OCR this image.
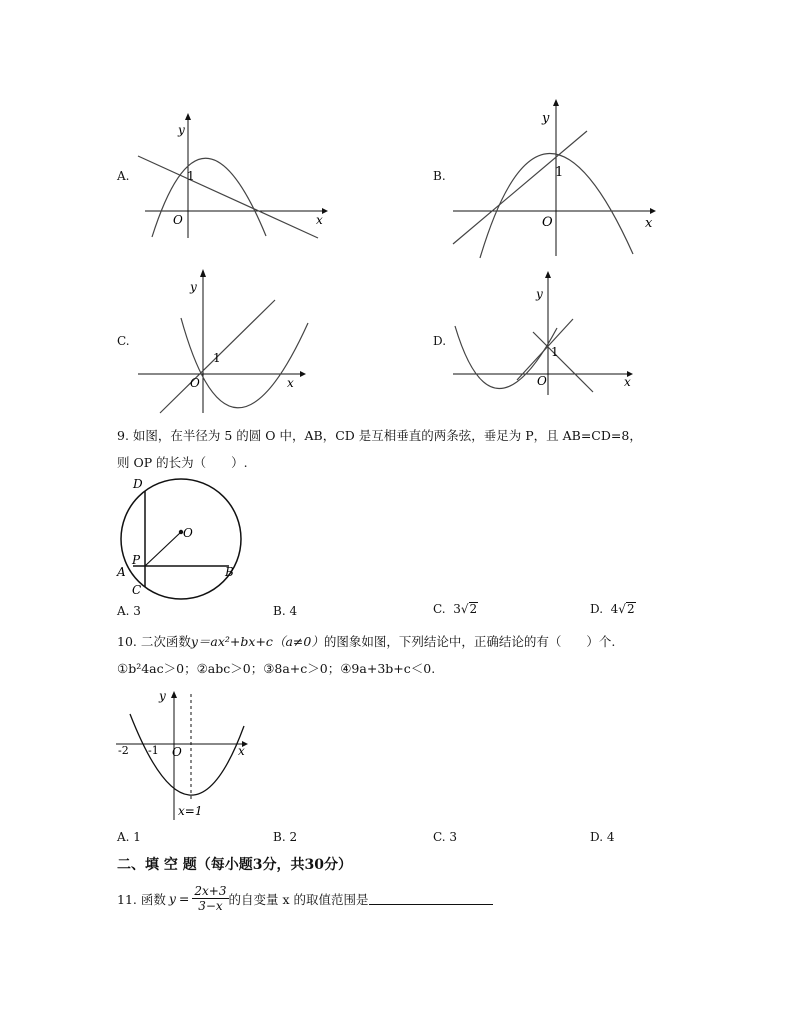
A.
y
x
O
1	B.
y
x
O
1
C.
y
x
O
1
D.
y
x
O
1
9. 如图，在半径为 5 的圆 O 中，AB，CD 是互相垂直的两条弦，垂足为 P，且 AB=CD=8，
则 OP 的长为（　　）.
D
O
P
A	B
C
A. 3	B. 4	C. 3√2	D. 4√2
10. 二次函数y＝ax²+bx+c（a≠0）的图象如图，下列结论中，正确结论的有（　　）个.
①b²4ac＞0；②abc＞0；③8a+c＞0；④9a+3b+c＜0.
y
x
O
-2 -1
x=1
A. 1	B. 2	C. 3	D. 4
二、填 空 题（每小题3分，共30分）
11. 函数 $y = \frac{2x+3}{3-x}$ 的自变量 x 的取值范围是
